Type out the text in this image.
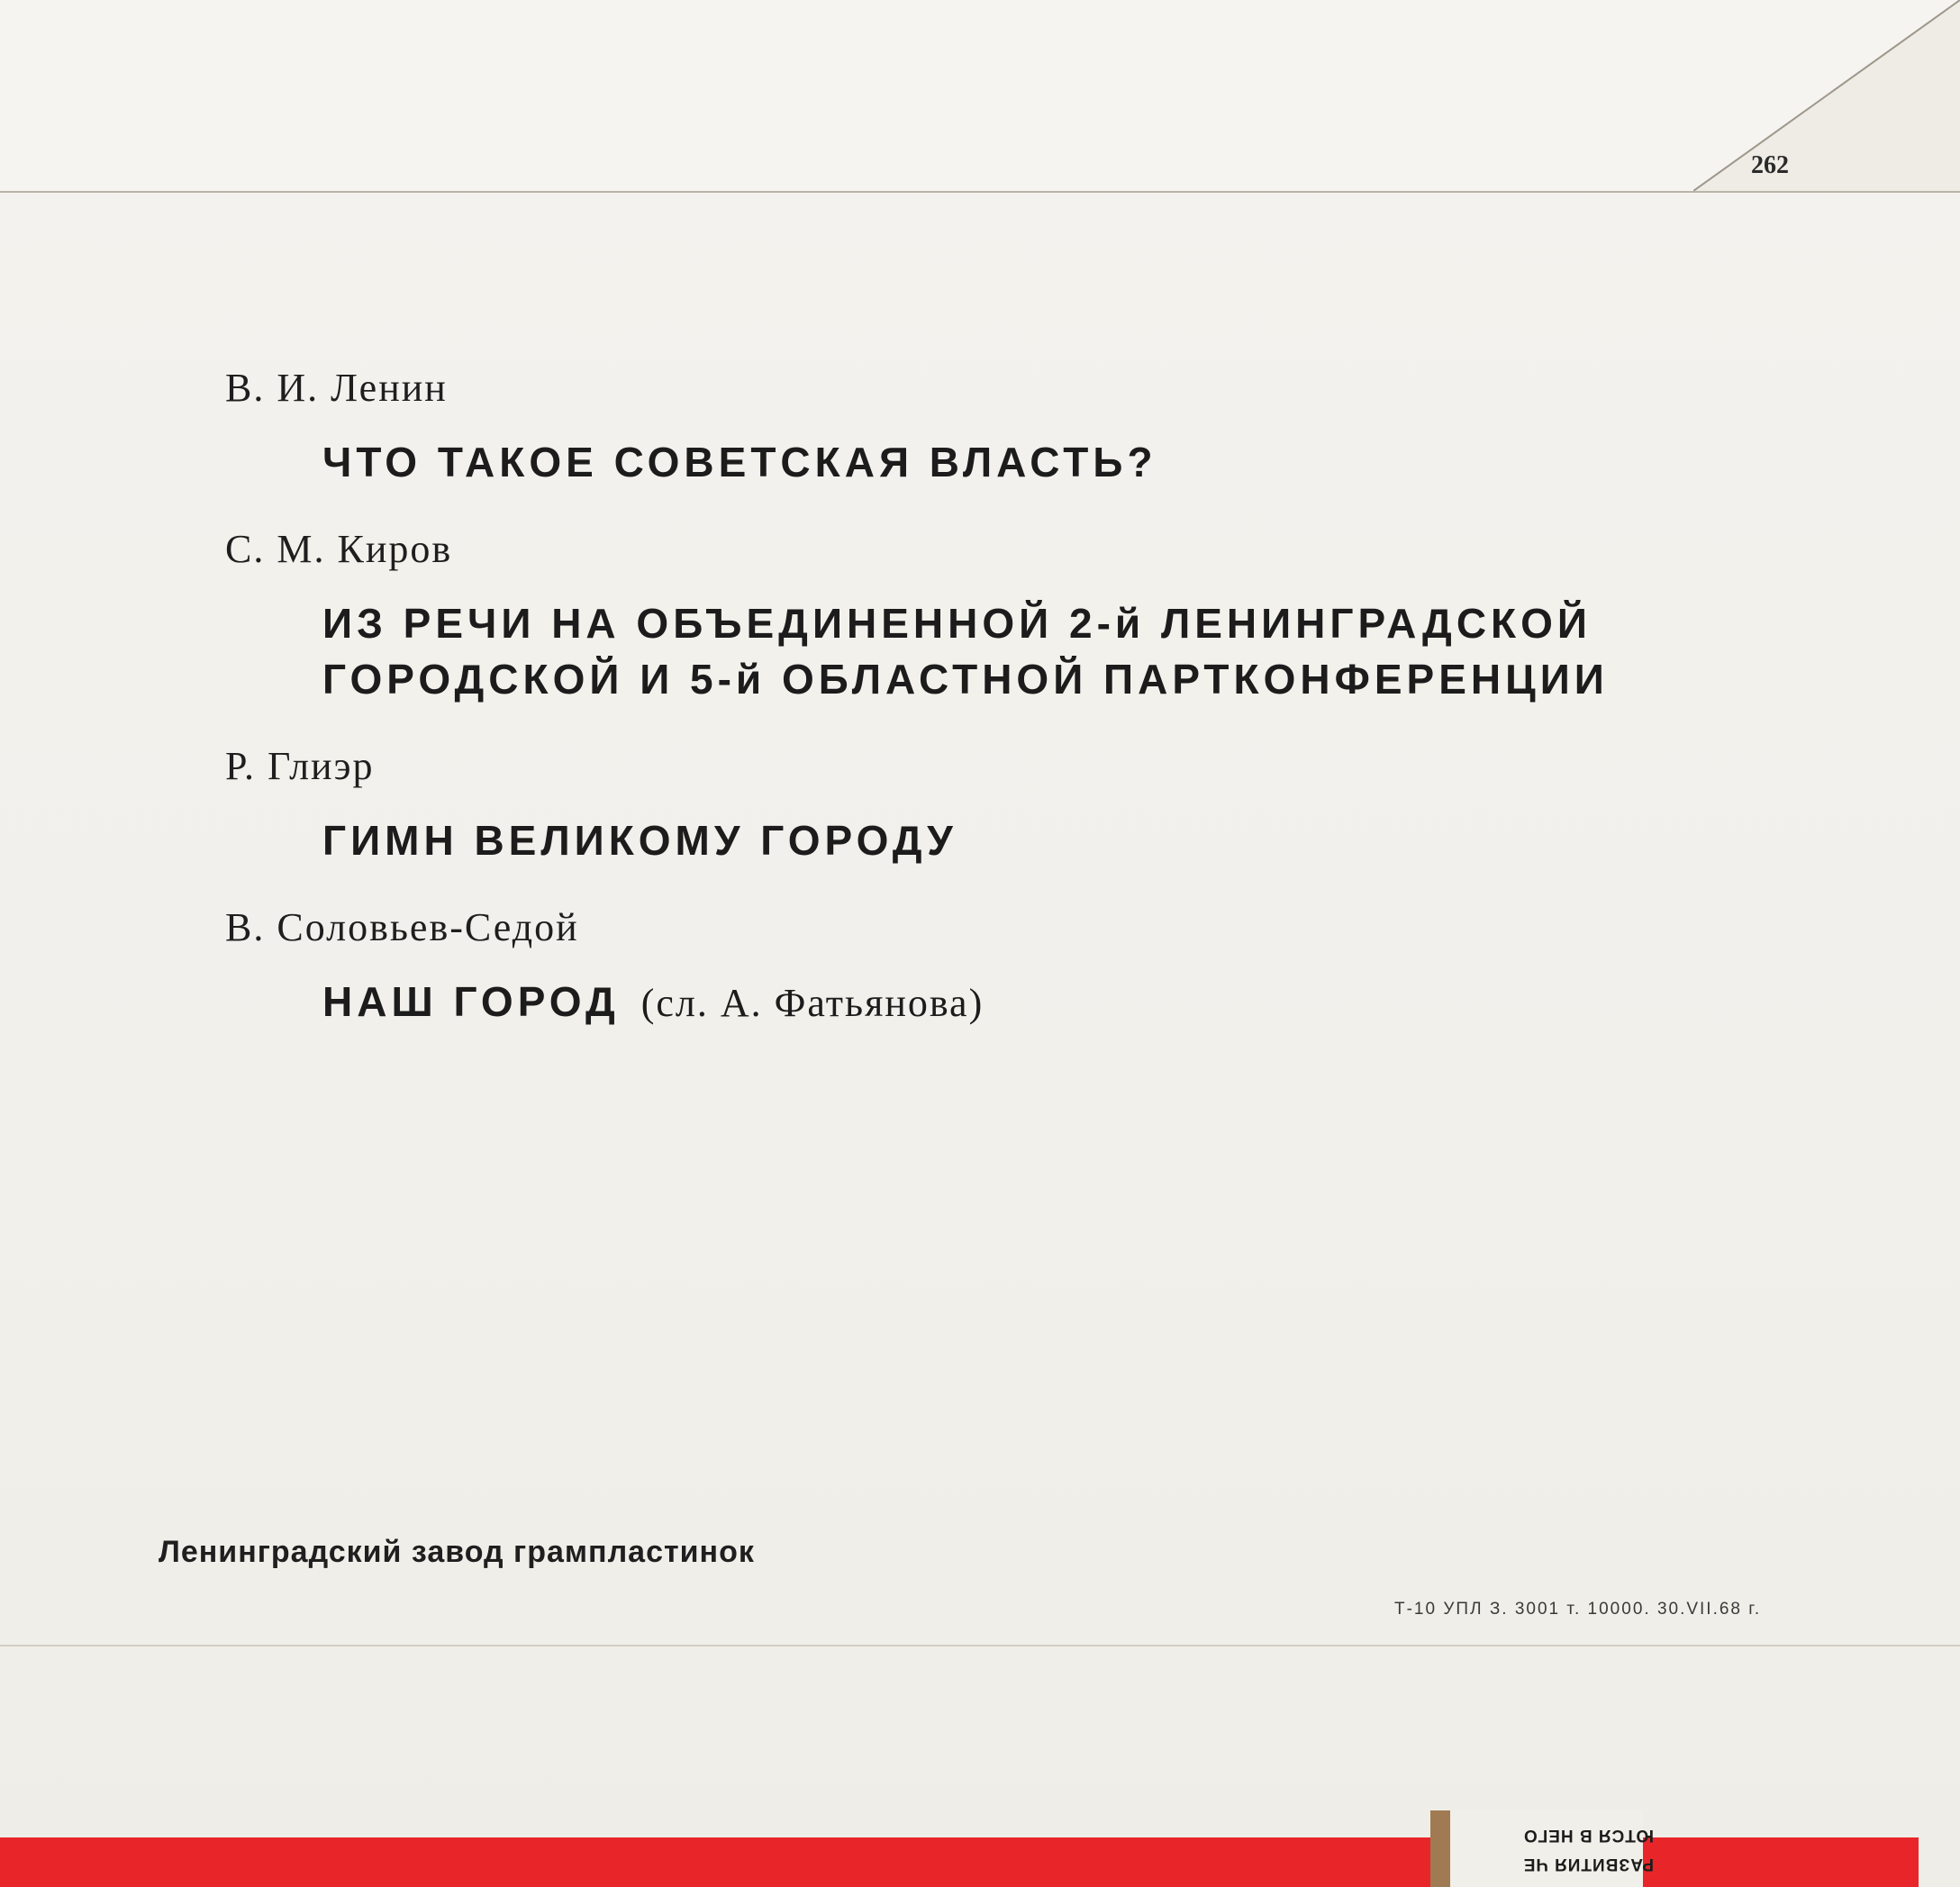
262

В. И. Ленин

ЧТО ТАКОЕ СОВЕТСКАЯ ВЛАСТЬ?

С. М. Киров

ИЗ РЕЧИ НА ОБЪЕДИНЕННОЙ 2-й ЛЕНИНГРАДСКОЙ

ГОРОДСКОЙ И 5-й ОБЛАСТНОЙ ПАРТКОНФЕРЕНЦИИ

Р. Глиэр

ГИМН ВЕЛИКОМУ ГОРОДУ

В. Соловьев-Седой

НАШ ГОРОД (сл. А. Фатьянова)

Ленинградский завод грампластинок
Т-10 УПЛ З. 3001 т. 10000. 30.VII.68 г.
РАЗВИТИЯ ЧЕ
ЮТСЯ В НЕГО
